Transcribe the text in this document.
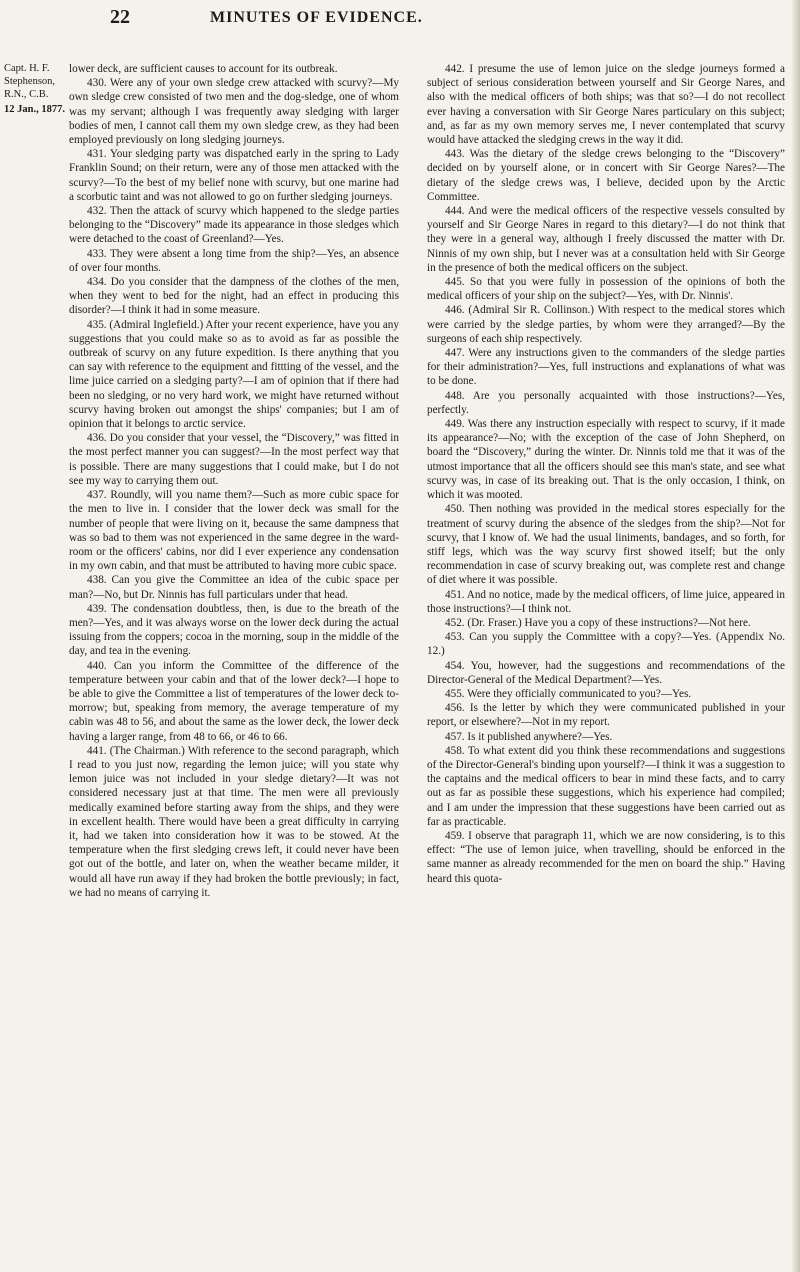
22	MINUTES OF EVIDENCE.
Capt. H. F. Stephenson, R.N., C.B.
12 Jan., 1877.

lower deck, are sufficient causes to account for its outbreak.

430. Were any of your own sledge crew attacked with scurvy?—My own sledge crew consisted of two men and the dog-sledge, one of whom was my servant; although I was frequently away sledging with larger bodies of men, I cannot call them my own sledge crew, as they had been employed previously on long sledging journeys.

431. Your sledging party was dispatched early in the spring to Lady Franklin Sound; on their return, were any of those men attacked with the scurvy?—To the best of my belief none with scurvy, but one marine had a scorbutic taint and was not allowed to go on further sledging journeys.

432. Then the attack of scurvy which happened to the sledge parties belonging to the “Discovery” made its appearance in those sledges which were detached to the coast of Greenland?—Yes.

433. They were absent a long time from the ship?—Yes, an absence of over four months.

434. Do you consider that the dampness of the clothes of the men, when they went to bed for the night, had an effect in producing this disorder?—I think it had in some measure.

435. (Admiral Inglefield.) After your recent experience, have you any suggestions that you could make so as to avoid as far as possible the outbreak of scurvy on any future expedition. Is there anything that you can say with reference to the equipment and fittting of the vessel, and the lime juice carried on a sledging party?—I am of opinion that if there had been no sledging, or no very hard work, we might have returned without scurvy having broken out amongst the ships' companies; but I am of opinion that it belongs to arctic service.

436. Do you consider that your vessel, the “Discovery,” was fitted in the most perfect manner you can suggest?—In the most perfect way that is possible. There are many suggestions that I could make, but I do not see my way to carrying them out.

437. Roundly, will you name them?—Such as more cubic space for the men to live in. I consider that the lower deck was small for the number of people that were living on it, because the same dampness that was so bad to them was not experienced in the same degree in the ward-room or the officers' cabins, nor did I ever experience any condensation in my own cabin, and that must be attributed to having more cubic space.

438. Can you give the Committee an idea of the cubic space per man?—No, but Dr. Ninnis has full particulars under that head.

439. The condensation doubtless, then, is due to the breath of the men?—Yes, and it was always worse on the lower deck during the actual issuing from the coppers; cocoa in the morning, soup in the middle of the day, and tea in the evening.

440. Can you inform the Committee of the difference of the temperature between your cabin and that of the lower deck?—I hope to be able to give the Committee a list of temperatures of the lower deck to-morrow; but, speaking from memory, the average temperature of my cabin was 48 to 56, and about the same as the lower deck, the lower deck having a larger range, from 48 to 66, or 46 to 66.

441. (The Chairman.) With reference to the second paragraph, which I read to you just now, regarding the lemon juice; will you state why lemon juice was not included in your sledge dietary?—It was not considered necessary just at that time. The men were all previously medically examined before starting away from the ships, and they were in excellent health. There would have been a great difficulty in carrying it, had we taken into consideration how it was to be stowed. At the temperature when the first sledging crews left, it could never have been got out of the bottle, and later on, when the weather became milder, it would all have run away if they had broken the bottle previously; in fact, we had no means of carrying it.

442. I presume the use of lemon juice on the sledge journeys formed a subject of serious consideration between yourself and Sir George Nares, and also with the medical officers of both ships; was that so?—I do not recollect ever having a conversation with Sir George Nares particulary on this subject; and, as far as my own memory serves me, I never contemplated that scurvy would have attacked the sledging crews in the way it did.

443. Was the dietary of the sledge crews belonging to the “Discovery” decided on by yourself alone, or in concert with Sir George Nares?—The dietary of the sledge crews was, I believe, decided upon by the Arctic Committee.

444. And were the medical officers of the respective vessels consulted by yourself and Sir George Nares in regard to this dietary?—I do not think that they were in a general way, although I freely discussed the matter with Dr. Ninnis of my own ship, but I never was at a consultation held with Sir George in the presence of both the medical officers on the subject.

445. So that you were fully in possession of the opinions of both the medical officers of your ship on the subject?—Yes, with Dr. Ninnis'.

446. (Admiral Sir R. Collinson.) With respect to the medical stores which were carried by the sledge parties, by whom were they arranged?—By the surgeons of each ship respectively.

447. Were any instructions given to the commanders of the sledge parties for their administration?—Yes, full instructions and explanations of what was to be done.

448. Are you personally acquainted with those instructions?—Yes, perfectly.

449. Was there any instruction especially with respect to scurvy, if it made its appearance?—No; with the exception of the case of John Shepherd, on board the “Discovery,” during the winter. Dr. Ninnis told me that it was of the utmost importance that all the officers should see this man's state, and see what scurvy was, in case of its breaking out. That is the only occasion, I think, on which it was mooted.

450. Then nothing was provided in the medical stores especially for the treatment of scurvy during the absence of the sledges from the ship?—Not for scurvy, that I know of. We had the usual liniments, bandages, and so forth, for stiff legs, which was the way scurvy first showed itself; but the only recommendation in case of scurvy breaking out, was complete rest and change of diet where it was possible.

451. And no notice, made by the medical officers, of lime juice, appeared in those instructions?—I think not.

452. (Dr. Fraser.) Have you a copy of these instructions?—Not here.

453. Can you supply the Committee with a copy?—Yes. (Appendix No. 12.)

454. You, however, had the suggestions and recommendations of the Director-General of the Medical Department?—Yes.

455. Were they officially communicated to you?—Yes.

456. Is the letter by which they were communicated published in your report, or elsewhere?—Not in my report.

457. Is it published anywhere?—Yes.

458. To what extent did you think these recommendations and suggestions of the Director-General's binding upon yourself?—I think it was a suggestion to the captains and the medical officers to bear in mind these facts, and to carry out as far as possible these suggestions, which his experience had compiled; and I am under the impression that these suggestions have been carried out as far as practicable.

459. I observe that paragraph 11, which we are now considering, is to this effect: “The use of lemon juice, when travelling, should be enforced in the same manner as already recommended for the men on board the ship.” Having heard this quota-
